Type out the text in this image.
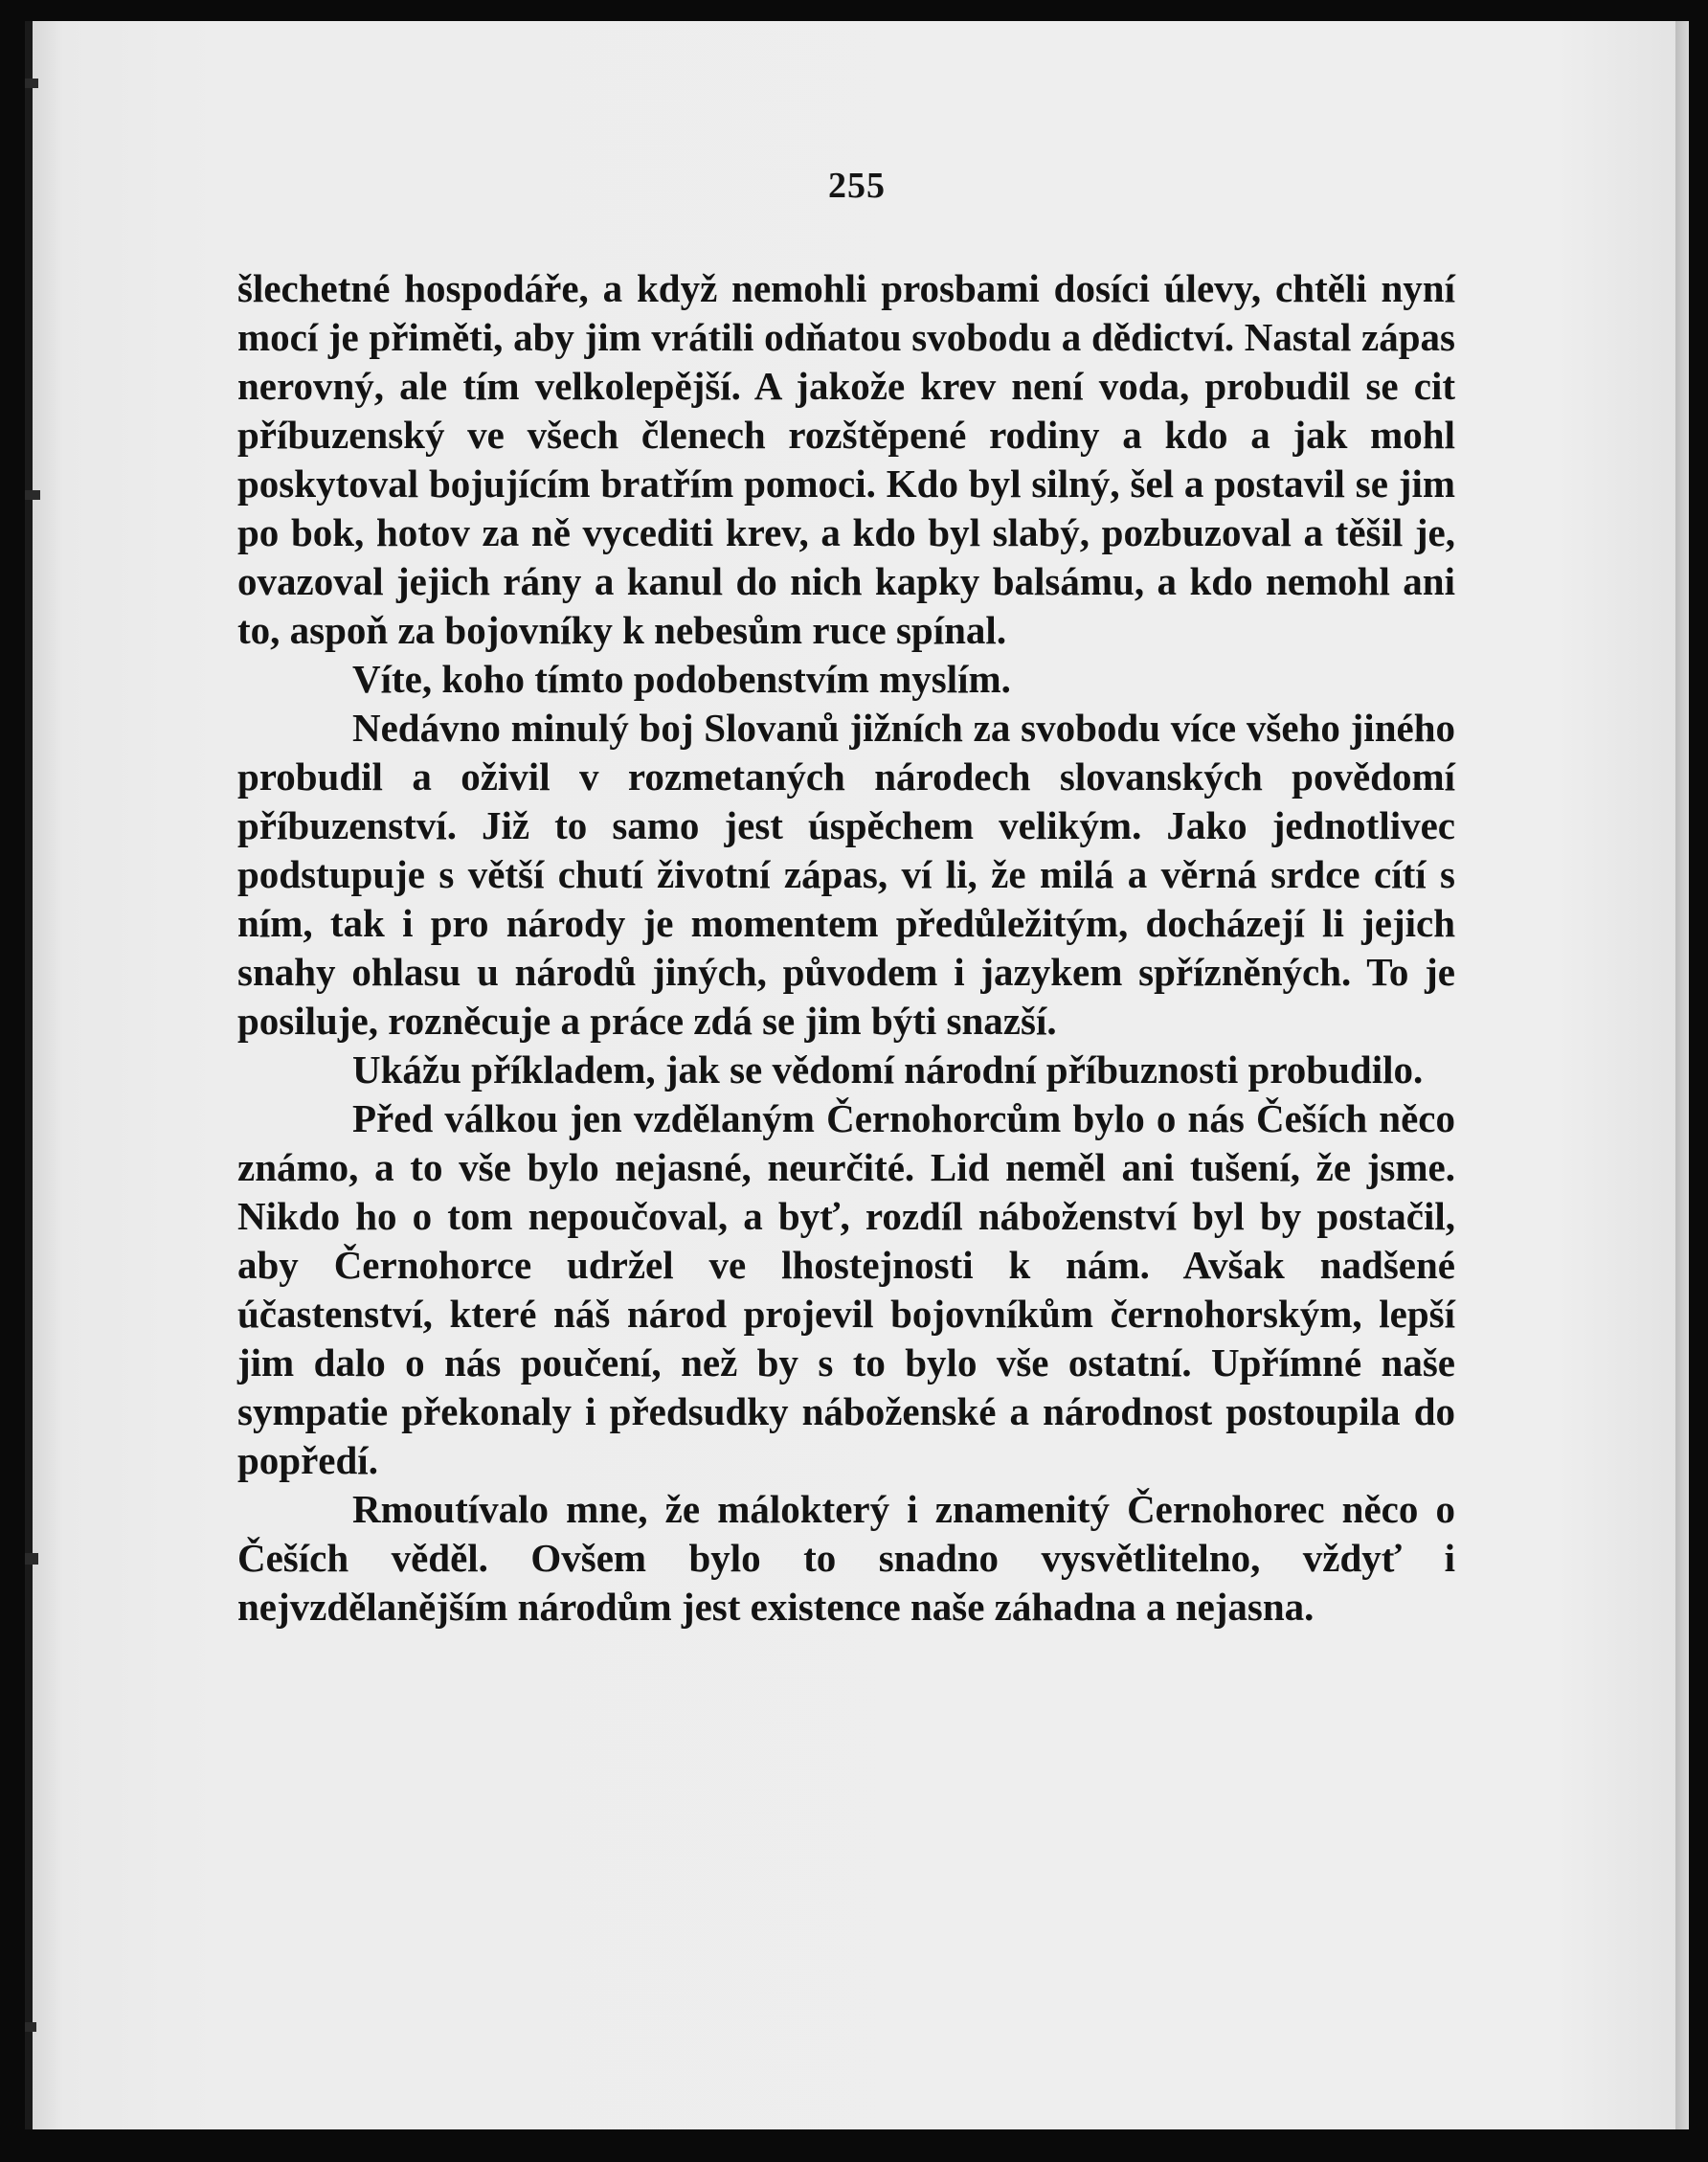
255

šlechetné hospodáře, a když nemohli prosbami dosíci úlevy, chtěli nyní mocí je přiměti, aby jim vrátili odňatou svobodu a dědictví. Nastal zápas nerovný, ale tím velkolepější. A jakože krev není voda, probudil se cit příbuzenský ve všech členech rozštěpené rodiny a kdo a jak mohl poskytoval bojujícím bratřím pomoci. Kdo byl silný, šel a postavil se jim po bok, hotov za ně vycediti krev, a kdo byl slabý, pozbuzoval a těšil je, ovazoval jejich rány a kanul do nich kapky balsámu, a kdo nemohl ani to, aspoň za bojovníky k nebesům ruce spínal.

Víte, koho tímto podobenstvím myslím.

Nedávno minulý boj Slovanů jižních za svobodu více všeho jiného probudil a oživil v rozmetaných národech slovanských povědomí příbuzenství. Již to samo jest úspěchem velikým. Jako jednotlivec podstupuje s větší chutí životní zápas, ví li, že milá a věrná srdce cítí s ním, tak i pro národy je momentem předůležitým, docházejí li jejich snahy ohlasu u národů jiných, původem i jazykem spřízněných. To je posiluje, rozněcuje a práce zdá se jim býti snazší.

Ukážu příkladem, jak se vědomí národní příbuznosti probudilo.

Před válkou jen vzdělaným Černohorcům bylo o nás Češích něco známo, a to vše bylo nejasné, neurčité. Lid neměl ani tušení, že jsme. Nikdo ho o tom nepoučoval, a byť, rozdíl náboženství byl by postačil, aby Černohorce udržel ve lhostejnosti k nám. Avšak nadšené účastenství, které náš národ projevil bojovníkům černohorským, lepší jim dalo o nás poučení, než by s to bylo vše ostatní. Upřímné naše sympatie překonaly i předsudky náboženské a národnost postoupila do popředí.

Rmoutívalo mne, že málokterý i znamenitý Černohorec něco o Češích věděl. Ovšem bylo to snadno vysvětlitelno, vždyť i nejvzdělanějším národům jest existence naše záhadna a nejasna.
